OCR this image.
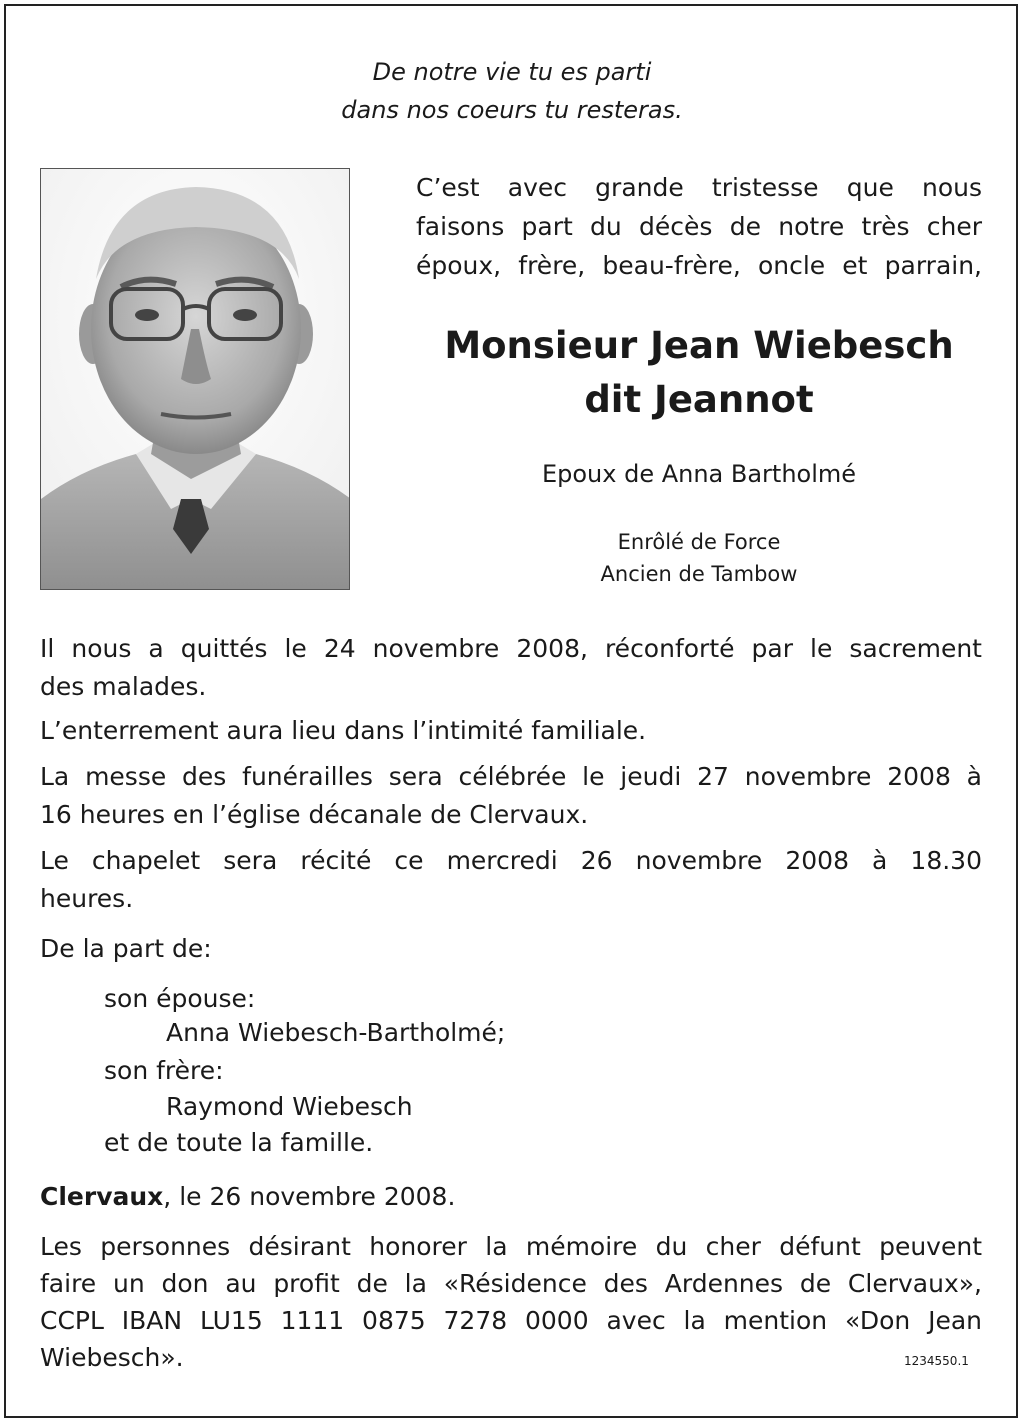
De notre vie tu es parti
dans nos coeurs tu resteras.
C’est avec grande tristesse que nous
faisons part du décès de notre très cher
époux, frère, beau-frère, oncle et parrain,
Monsieur Jean Wiebesch
dit Jeannot
Epoux de Anna Bartholmé
Enrôlé de Force
Ancien de Tambow
Il nous a quittés le 24 novembre 2008, réconforté par le sacrement
des malades.
L’enterrement aura lieu dans l’intimité familiale.
La messe des funérailles sera célébrée le jeudi 27 novembre 2008 à
16 heures en l’église décanale de Clervaux.
Le chapelet sera récité ce mercredi 26 novembre 2008 à 18.30
heures.
De la part de:
son épouse:
Anna Wiebesch-Bartholmé;
son frère:
Raymond Wiebesch
et de toute la famille.
Clervaux, le 26 novembre 2008.
Les personnes désirant honorer la mémoire du cher défunt peuvent
faire un don au profit de la «Résidence des Ardennes de Clervaux»,
CCPL IBAN LU15 1111 0875 7278 0000 avec la mention «Don Jean
Wiebesch».	1234550.1
